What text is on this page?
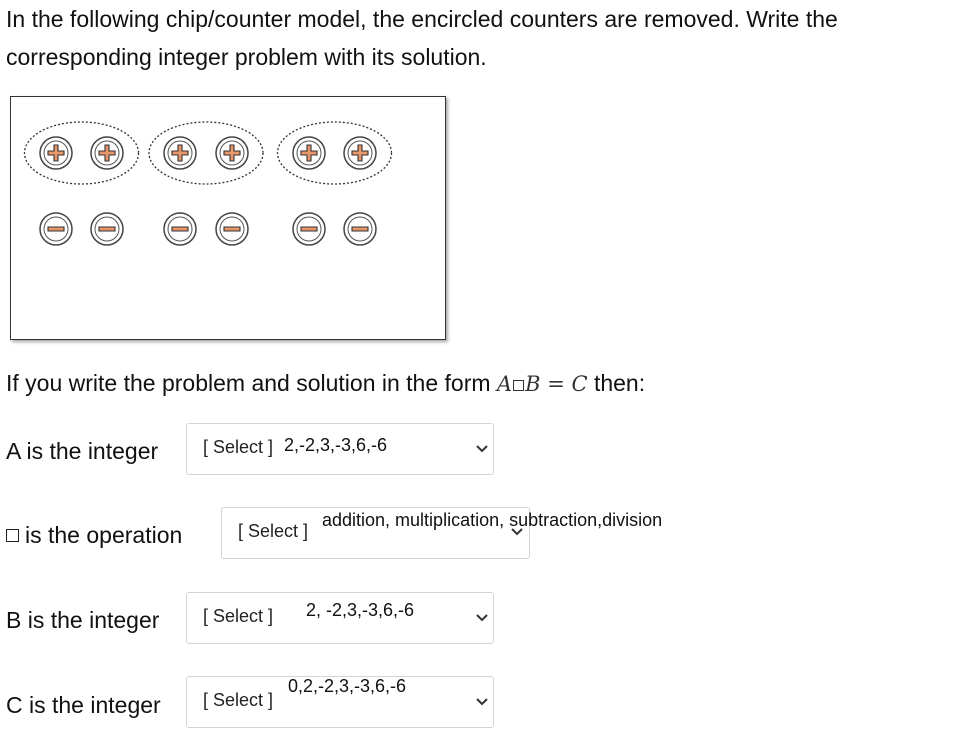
In the following chip/counter model, the encircled counters are removed. Write the
corresponding integer problem with its solution.
If you write the problem and solution in the form A B = C then:
A is the integer [ Select ] 2,-2,3,-3,6,-6
is the operation	[ Select ]
addition, multiplication, subtraction,division
B is the integer [ Select ] 2, -2,3,-3,6,-6
C is the integer [ Select ]
0,2,-2,3,-3,6,-6
